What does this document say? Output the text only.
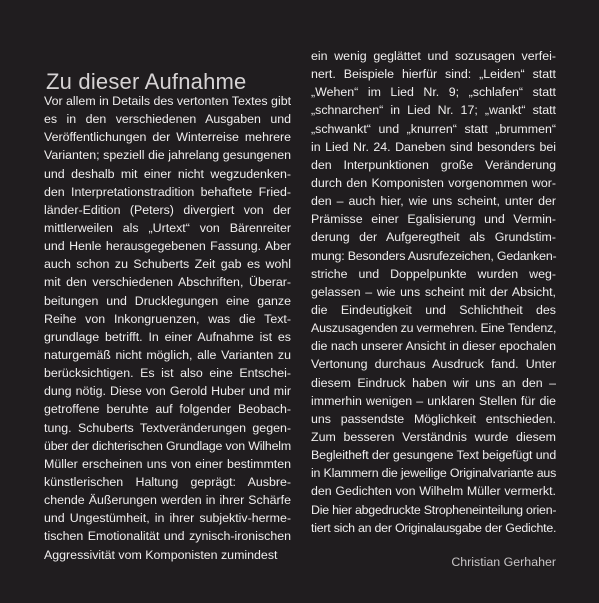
Zu dieser Aufnahme
Vor allem in Details des vertonten Textes gibt
es in den verschiedenen Ausgaben und
Veröffentlichungen der Winterreise mehrere
Varianten; speziell die jahrelang gesungenen
und deshalb mit einer nicht wegzudenken-
den Interpretationstradition behaftete Fried-
länder-Edition (Peters) divergiert von der
mittlerweilen als „Urtext“ von Bärenreiter
und Henle herausgegebenen Fassung. Aber
auch schon zu Schuberts Zeit gab es wohl
mit den verschiedenen Abschriften, Überar-
beitungen und Drucklegungen eine ganze
Reihe von Inkongruenzen, was die Text-
grundlage betrifft. In einer Aufnahme ist es
naturgemäß nicht möglich, alle Varianten zu
berücksichtigen. Es ist also eine Entschei-
dung nötig. Diese von Gerold Huber und mir
getroffene beruhte auf folgender Beobach-
tung. Schuberts Textveränderungen gegen-
über der dichterischen Grundlage von Wilhelm
Müller erscheinen uns von einer bestimmten
künstlerischen Haltung geprägt: Ausbre-
chende Äußerungen werden in ihrer Schärfe
und Ungestümheit, in ihrer subjektiv-herme-
tischen Emotionalität und zynisch-ironischen
Aggressivität vom Komponisten zumindest
ein wenig geglättet und sozusagen verfei-
nert. Beispiele hierfür sind: „Leiden“ statt
„Wehen“ im Lied Nr. 9; „schlafen“ statt
„schnarchen“ in Lied Nr. 17; „wankt“ statt
„schwankt“ und „knurren“ statt „brummen“
in Lied Nr. 24. Daneben sind besonders bei
den Interpunktionen große Veränderung
durch den Komponisten vorgenommen wor-
den – auch hier, wie uns scheint, unter der
Prämisse einer Egalisierung und Vermin-
derung der Aufgeregtheit als Grundstim-
mung: Besonders Ausrufezeichen, Gedanken-
striche und Doppelpunkte wurden weg-
gelassen – wie uns scheint mit der Absicht,
die Eindeutigkeit und Schlichtheit des
Auszusagenden zu vermehren. Eine Tendenz,
die nach unserer Ansicht in dieser epochalen
Vertonung durchaus Ausdruck fand. Unter
diesem Eindruck haben wir uns an den –
immerhin wenigen – unklaren Stellen für die
uns passendste Möglichkeit entschieden.
Zum besseren Verständnis wurde diesem
Begleitheft der gesungene Text beigefügt und
in Klammern die jeweilige Originalvariante aus
den Gedichten von Wilhelm Müller vermerkt.
Die hier abgedruckte Stropheneinteilung orien-
tiert sich an der Originalausgabe der Gedichte.
Christian Gerhaher
